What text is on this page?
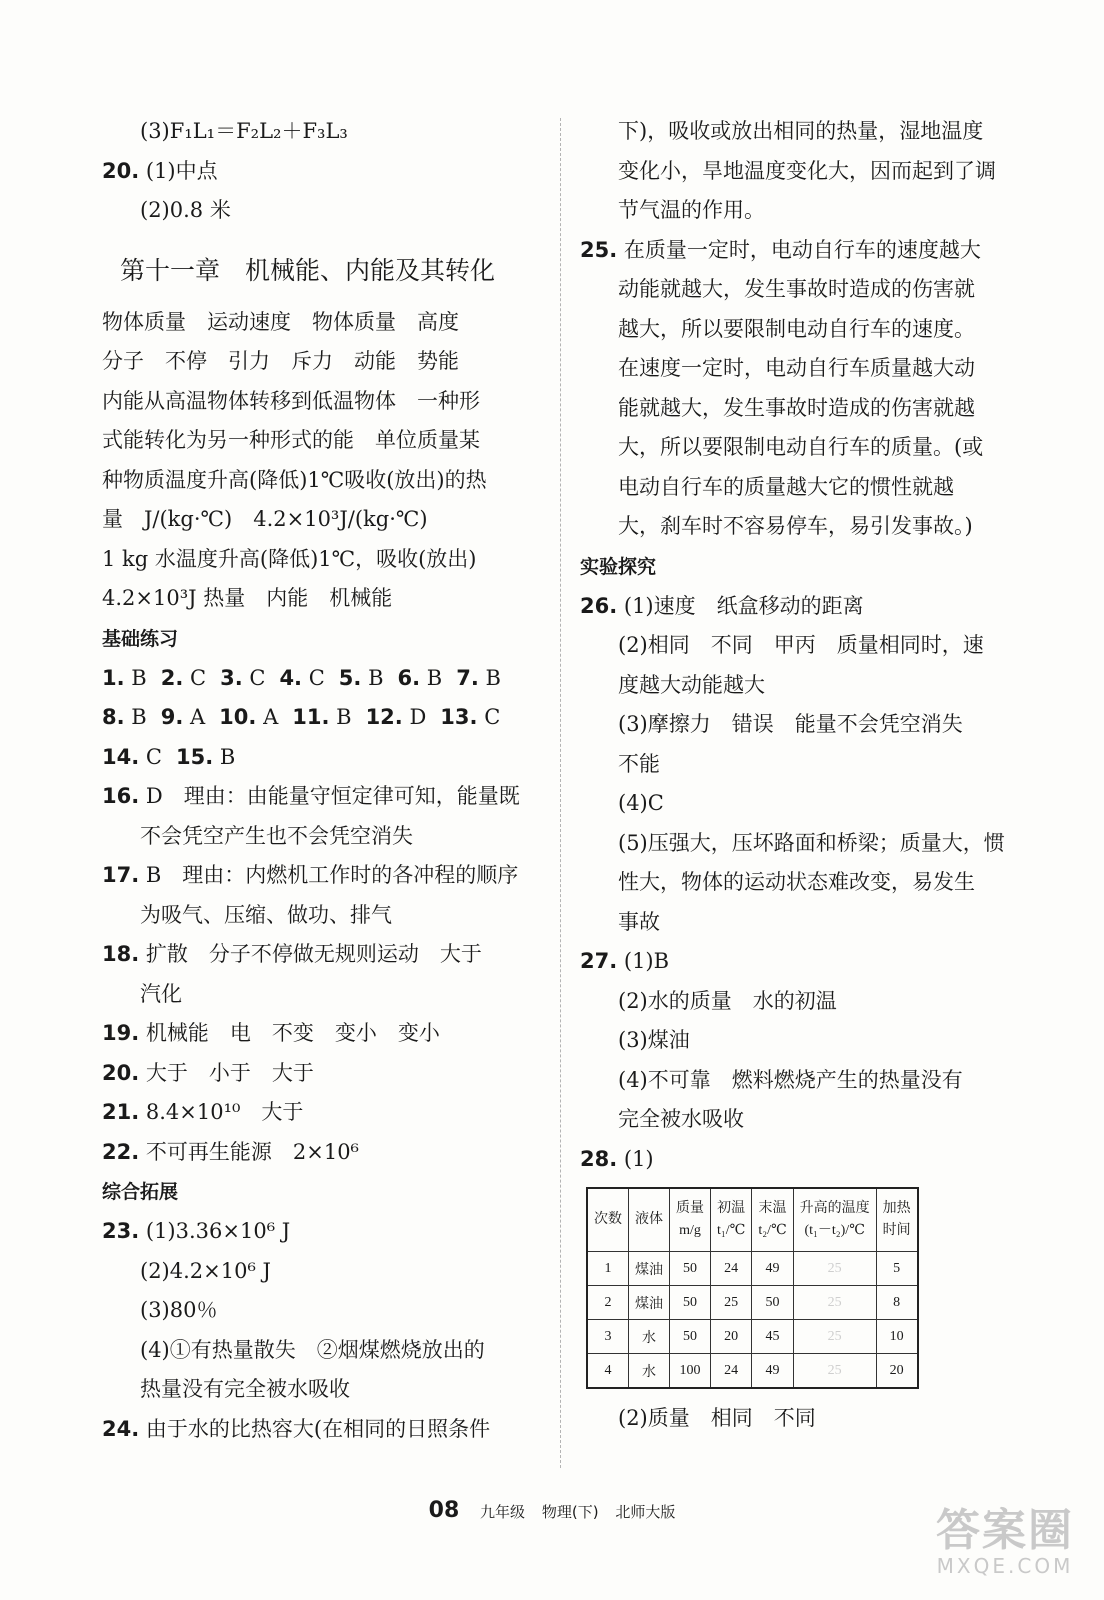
(3)F₁L₁＝F₂L₂＋F₃L₃
20. (1)中点
(2)0.8 米
第十一章　机械能、内能及其转化
物体质量　运动速度　物体质量　高度
分子　不停　引力　斥力　动能　势能
内能从高温物体转移到低温物体　一种形
式能转化为另一种形式的能　单位质量某
种物质温度升高(降低)1℃吸收(放出)的热
量　J/(kg·℃)　4.2×10³J/(kg·℃)
1 kg 水温度升高(降低)1℃，吸收(放出)
4.2×10³J 热量　内能　机械能
基础练习
1. B 2. C 3. C 4. C 5. B 6. B 7. B
8. B 9. A 10. A 11. B 12. D 13. C
14. C 15. B
16. D　理由：由能量守恒定律可知，能量既
不会凭空产生也不会凭空消失
17. B　理由：内燃机工作时的各冲程的顺序
为吸气、压缩、做功、排气
18. 扩散　分子不停做无规则运动　大于
汽化
19. 机械能　电　不变　变小　变小
20. 大于　小于　大于
21. 8.4×10¹⁰　大于
22. 不可再生能源　2×10⁶
综合拓展
23. (1)3.36×10⁶ J
(2)4.2×10⁶ J
(3)80％
(4)①有热量散失　②烟煤燃烧放出的
热量没有完全被水吸收
24. 由于水的比热容大(在相同的日照条件
下)，吸收或放出相同的热量，湿地温度
变化小，旱地温度变化大，因而起到了调
节气温的作用。
25. 在质量一定时，电动自行车的速度越大
动能就越大，发生事故时造成的伤害就
越大，所以要限制电动自行车的速度。
在速度一定时，电动自行车质量越大动
能就越大，发生事故时造成的伤害就越
大，所以要限制电动自行车的质量。(或
电动自行车的质量越大它的惯性就越
大，刹车时不容易停车，易引发事故。)
实验探究
26. (1)速度　纸盒移动的距离
(2)相同　不同　甲丙　质量相同时，速
度越大动能越大
(3)摩擦力　错误　能量不会凭空消失
不能
(4)C
(5)压强大，压坏路面和桥梁；质量大，惯
性大，物体的运动状态难改变，易发生
事故
27. (1)B
(2)水的质量　水的初温
(3)煤油
(4)不可靠　燃料燃烧产生的热量没有
完全被水吸收
28. (1)
次数	液体	质量
m/g	初温
t₁/℃	末温
t₂/℃	升高的温度
(t₁－t₂)/℃	加热
时间
1	煤油	50	24	49	25	5
2	煤油	50	25	50	25	8
3	水	50	20	45	25	10
4	水	100	24	49	25	20
(2)质量　相同　不同
08 九年级 物理(下) 北师大版	答案圈
MXQE.COM
